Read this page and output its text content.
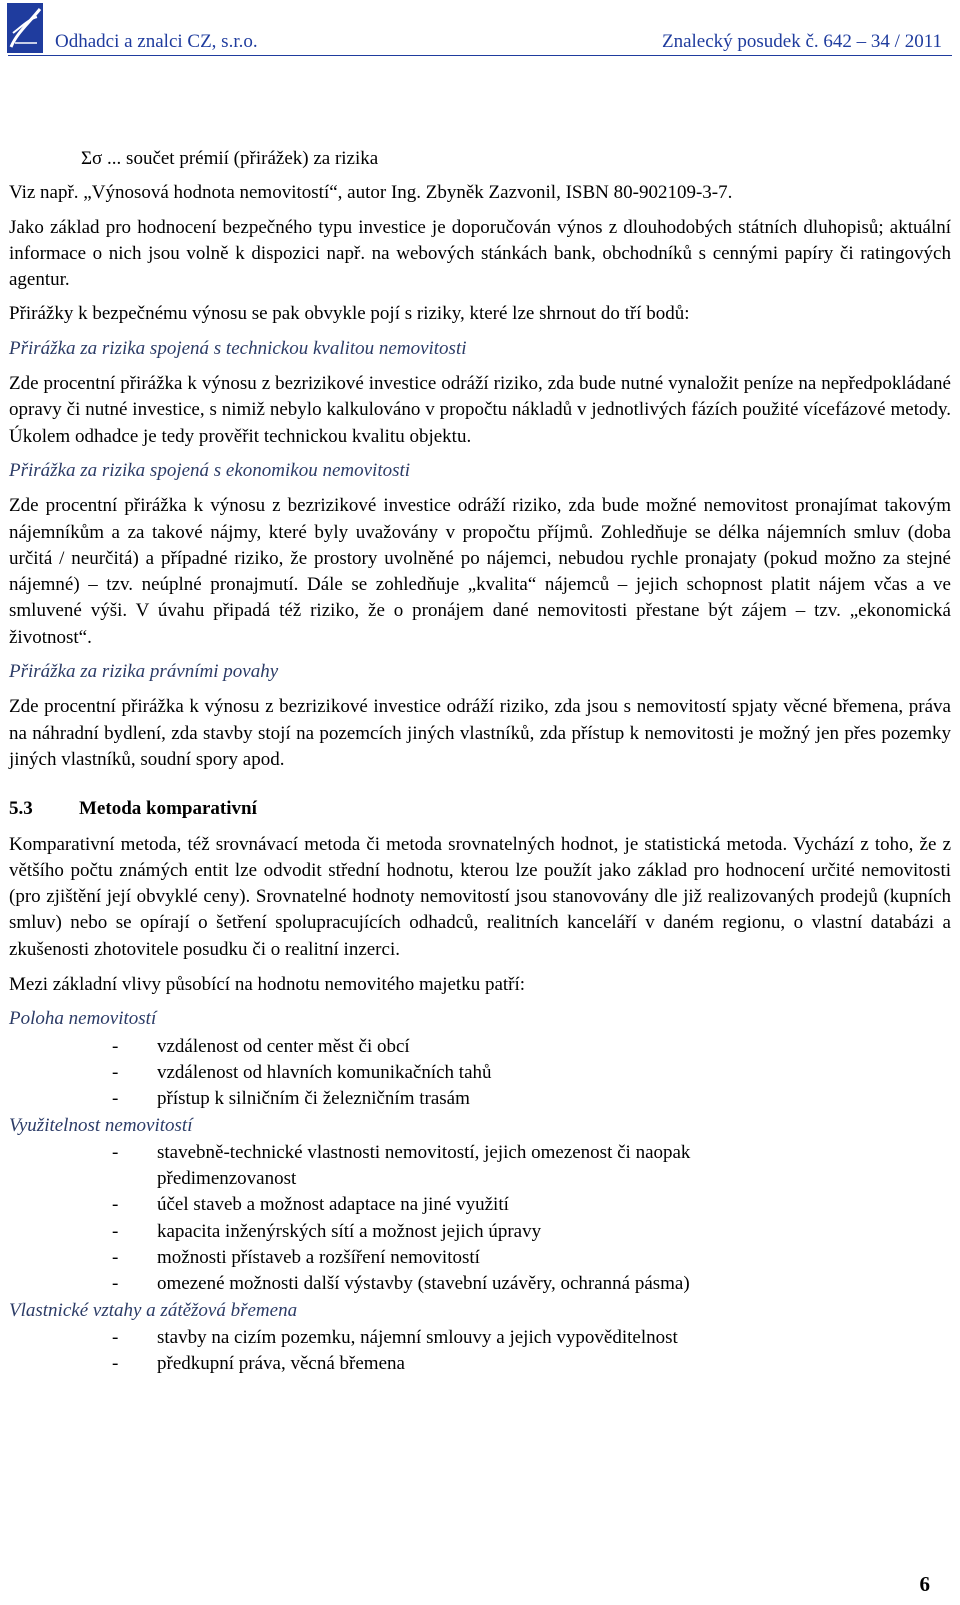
Odhadci a znalci CZ, s.r.o.	Znalecký posudek č. 642 – 34 / 2011

Σσ ... součet prémií (přirážek) za rizika

Viz např. „Výnosová hodnota nemovitostí“, autor Ing. Zbyněk Zazvonil, ISBN 80-902109-3-7.

Jako základ pro hodnocení bezpečného typu investice je doporučován výnos z dlouhodobých státních dluhopisů; aktuální informace o nich jsou volně k dispozici např. na webových stánkách bank, obchodníků s cennými papíry či ratingových agentur.

Přirážky k bezpečnému výnosu se pak obvykle pojí s riziky, které lze shrnout do tří bodů:

Přirážka za rizika spojená s technickou kvalitou nemovitosti

Zde procentní přirážka k výnosu z bezrizikové investice odráží riziko, zda bude nutné vynaložit peníze na nepředpokládané opravy či nutné investice, s nimiž nebylo kalkulováno v propočtu nákladů v jednotlivých fázích použité vícefázové metody. Úkolem odhadce je tedy prověřit technickou kvalitu objektu.

Přirážka za rizika spojená s ekonomikou nemovitosti

Zde procentní přirážka k výnosu z bezrizikové investice odráží riziko, zda bude možné nemovitost pronajímat takovým nájemníkům a za takové nájmy, které byly uvažovány v propočtu příjmů. Zohledňuje se délka nájemních smluv (doba určitá / neurčitá) a případné riziko, že prostory uvolněné po nájemci, nebudou rychle pronajaty (pokud možno za stejné nájemné) – tzv. neúplné pronajmutí. Dále se zohledňuje „kvalita“ nájemců – jejich schopnost platit nájem včas a ve smluvené výši. V úvahu připadá též riziko, že o pronájem dané nemovitosti přestane být zájem – tzv. „ekonomická životnost“.

Přirážka za rizika právními povahy

Zde procentní přirážka k výnosu z bezrizikové investice odráží riziko, zda jsou s nemovitostí spjaty věcné břemena, práva na náhradní bydlení, zda stavby stojí na pozemcích jiných vlastníků, zda přístup k nemovitosti je možný jen přes pozemky jiných vlastníků, soudní spory apod.

5.3 Metoda komparativní

Komparativní metoda, též srovnávací metoda či metoda srovnatelných hodnot, je statistická metoda. Vychází z toho, že z většího počtu známých entit lze odvodit střední hodnotu, kterou lze použít jako základ pro hodnocení určité nemovitosti (pro zjištění její obvyklé ceny). Srovnatelné hodnoty nemovitostí jsou stanovovány dle již realizovaných prodejů (kupních smluv) nebo se opírají o šetření spolupracujících odhadců, realitních kanceláří v daném regionu, o vlastní databázi a zkušenosti zhotovitele posudku či o realitní inzerci.

Mezi základní vlivy působící na hodnotu nemovitého majetku patří:

Poloha nemovitostí

- vzdálenost od center měst či obcí
- vzdálenost od hlavních komunikačních tahů
- přístup k silničním či železničním trasám

Využitelnost nemovitostí

- stavebně-technické vlastnosti nemovitostí, jejich omezenost či naopak předimenzovanost
- účel staveb a možnost adaptace na jiné využití
- kapacita inženýrských sítí a možnost jejich úpravy
- možnosti přístaveb a rozšíření nemovitostí
- omezené možnosti další výstavby (stavební uzávěry, ochranná pásma)

Vlastnické vztahy a zátěžová břemena

- stavby na cizím pozemku, nájemní smlouvy a jejich vypověditelnost
- předkupní práva, věcná břemena
6
